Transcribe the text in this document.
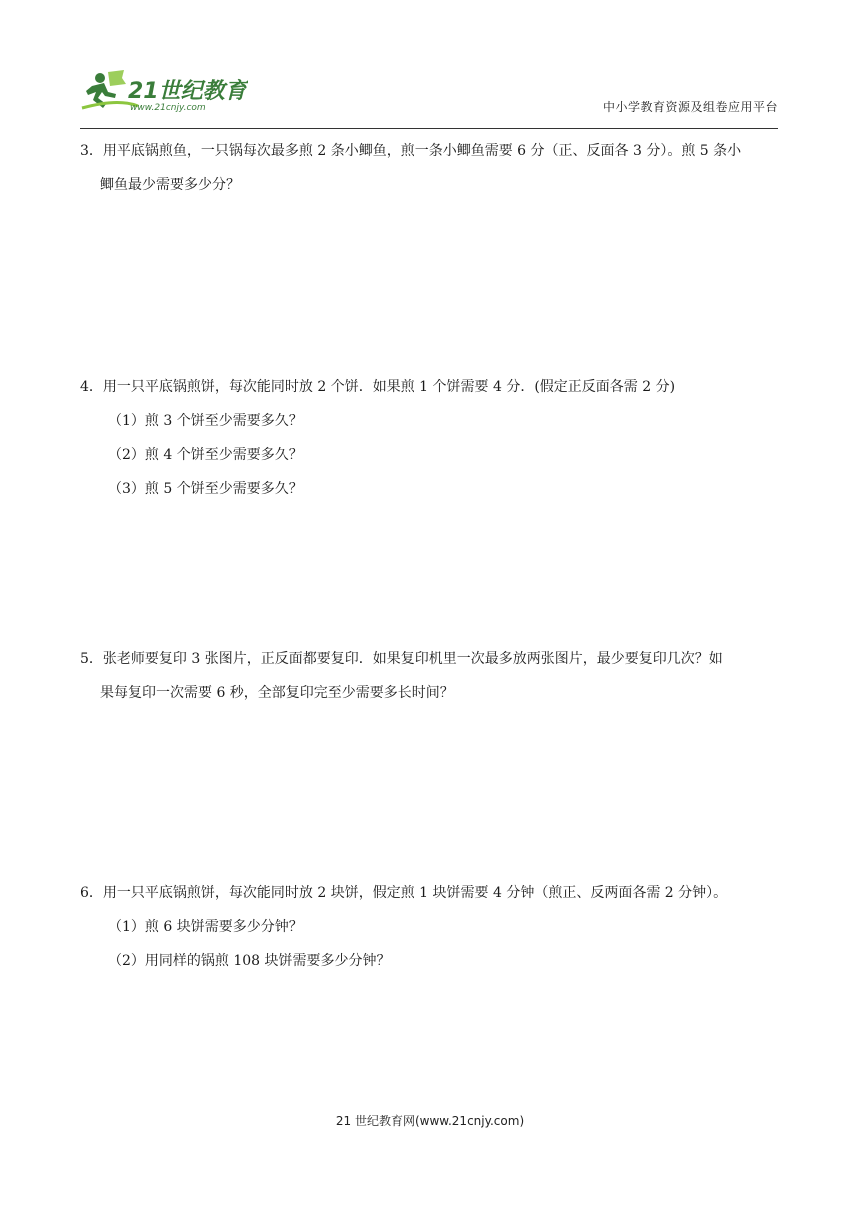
21世纪教育
www.21cnjy.com	中小学教育资源及组卷应用平台
3．用平底锅煎鱼，一只锅每次最多煎 2 条小鲫鱼，煎一条小鲫鱼需要 6 分（正、反面各 3 分）。煎 5 条小
鲫鱼最少需要多少分？
4．用一只平底锅煎饼，每次能同时放 2 个饼．如果煎 1 个饼需要 4 分．(假定正反面各需 2 分)
（1）煎 3 个饼至少需要多久？
（2）煎 4 个饼至少需要多久？
（3）煎 5 个饼至少需要多久？
5．张老师要复印 3 张图片，正反面都要复印．如果复印机里一次最多放两张图片，最少要复印几次？如
果每复印一次需要 6 秒，全部复印完至少需要多长时间？
6．用一只平底锅煎饼，每次能同时放 2 块饼，假定煎 1 块饼需要 4 分钟（煎正、反两面各需 2 分钟）。
（1）煎 6 块饼需要多少分钟？
（2）用同样的锅煎 108 块饼需要多少分钟？
21 世纪教育网(www.21cnjy.com)
